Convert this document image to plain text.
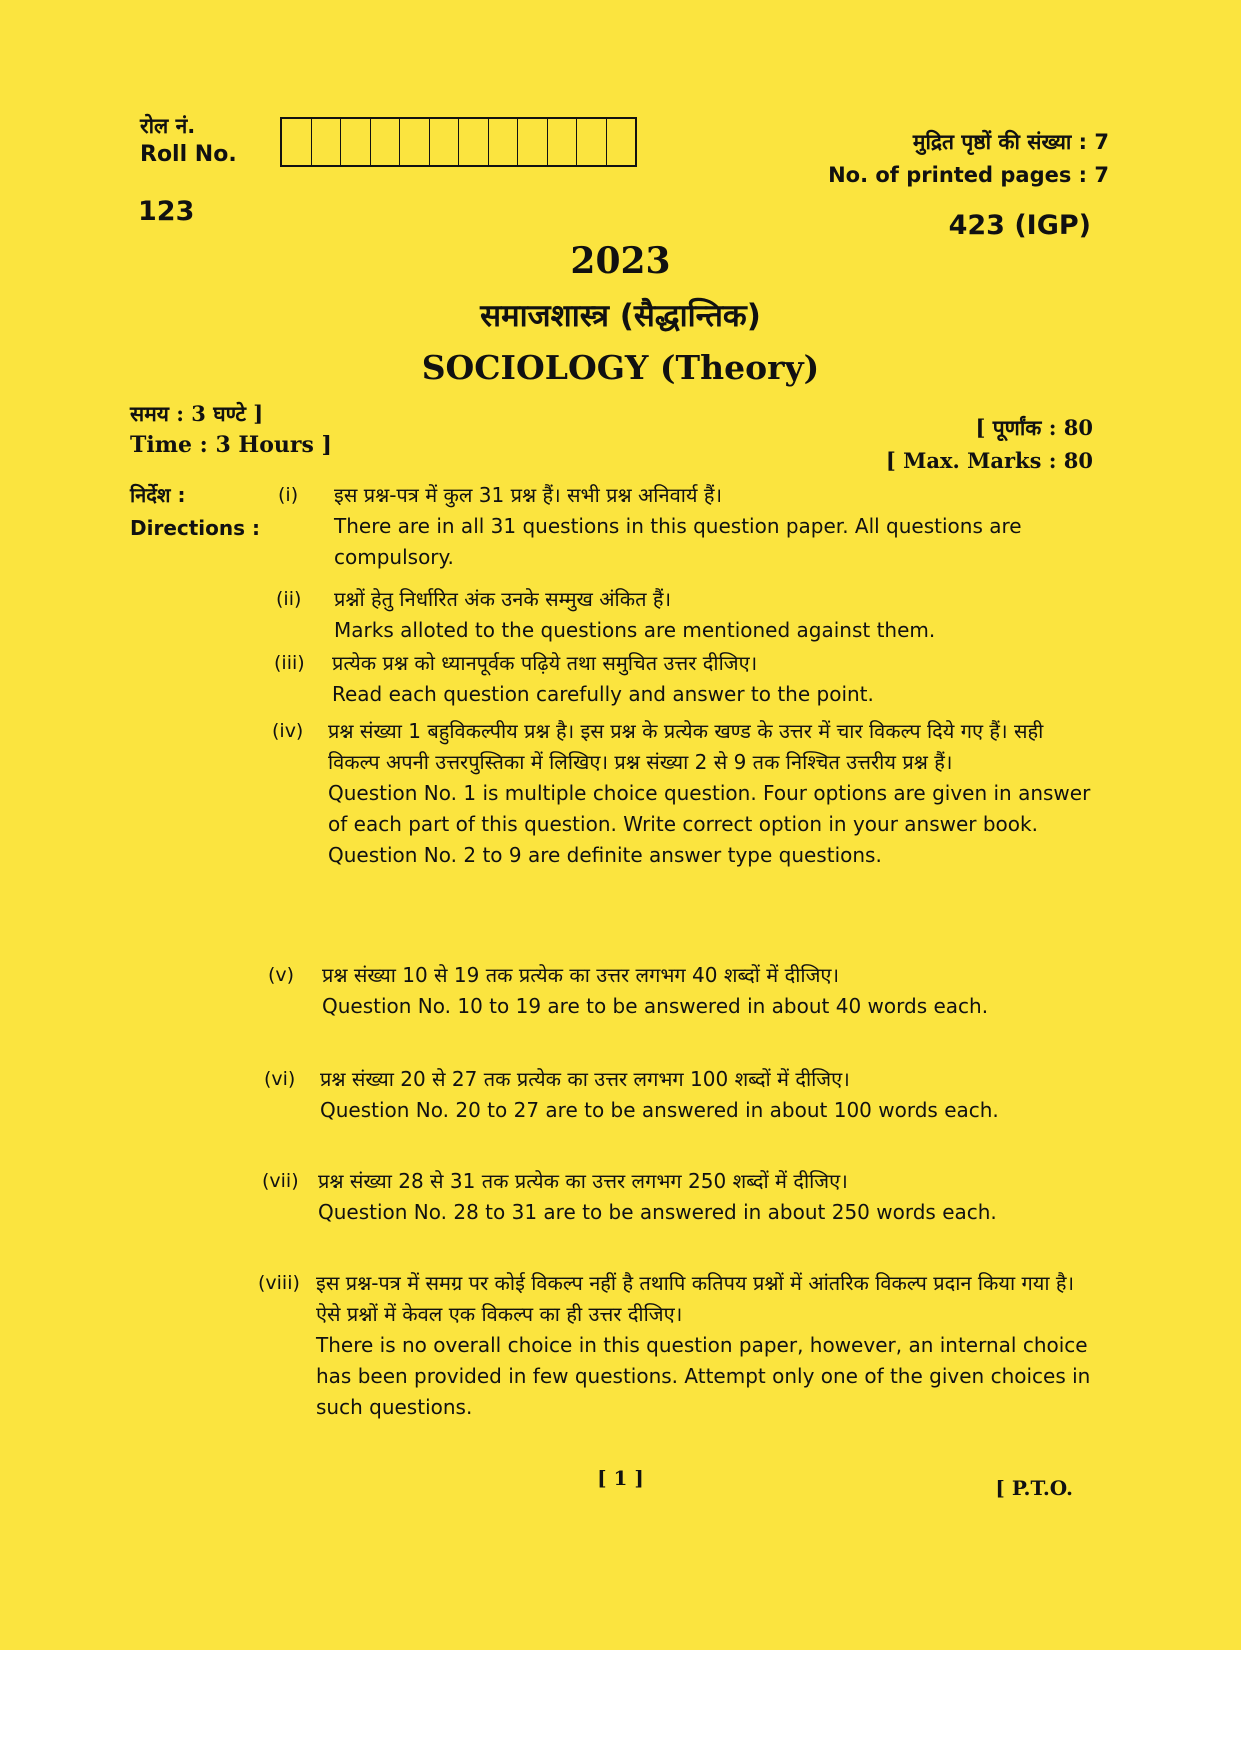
रोल नं.
Roll No.
123
मुद्रित पृष्ठों की संख्या : 7
No. of printed pages : 7
423 (IGP)
2023
समाजशास्त्र (सैद्धान्तिक)
SOCIOLOGY (Theory)
समय : 3 घण्टे ]
Time : 3 Hours ]
[ पूर्णांक : 80
[ Max. Marks : 80
निर्देश :
Directions :
(i) इस प्रश्न-पत्र में कुल 31 प्रश्न हैं। सभी प्रश्न अनिवार्य हैं।

There are in all 31 questions in this question paper. All questions are compulsory.

(ii) प्रश्नों हेतु निर्धारित अंक उनके सम्मुख अंकित हैं।

Marks alloted to the questions are mentioned against them.

(iii) प्रत्येक प्रश्न को ध्यानपूर्वक पढ़िये तथा समुचित उत्तर दीजिए।

Read each question carefully and answer to the point.

(iv) प्रश्न संख्या 1 बहुविकल्पीय प्रश्न है। इस प्रश्न के प्रत्येक खण्ड के उत्तर में चार विकल्प दिये गए हैं। सही विकल्प अपनी उत्तरपुस्तिका में लिखिए। प्रश्न संख्या 2 से 9 तक निश्चित उत्तरीय प्रश्न हैं।

Question No. 1 is multiple choice question. Four options are given in answer of each part of this question. Write correct option in your answer book. Question No. 2 to 9 are definite answer type questions.

(v) प्रश्न संख्या 10 से 19 तक प्रत्येक का उत्तर लगभग 40 शब्दों में दीजिए।

Question No. 10 to 19 are to be answered in about 40 words each.

(vi) प्रश्न संख्या 20 से 27 तक प्रत्येक का उत्तर लगभग 100 शब्दों में दीजिए।

Question No. 20 to 27 are to be answered in about 100 words each.

(vii) प्रश्न संख्या 28 से 31 तक प्रत्येक का उत्तर लगभग 250 शब्दों में दीजिए।

Question No. 28 to 31 are to be answered in about 250 words each.

(viii) इस प्रश्न-पत्र में समग्र पर कोई विकल्प नहीं है तथापि कतिपय प्रश्नों में आंतरिक विकल्प प्रदान किया गया है। ऐसे प्रश्नों में केवल एक विकल्प का ही उत्तर दीजिए।

There is no overall choice in this question paper, however, an internal choice has been provided in few questions. Attempt only one of the given choices in such questions.

[ 1 ]	[ P.T.O.
